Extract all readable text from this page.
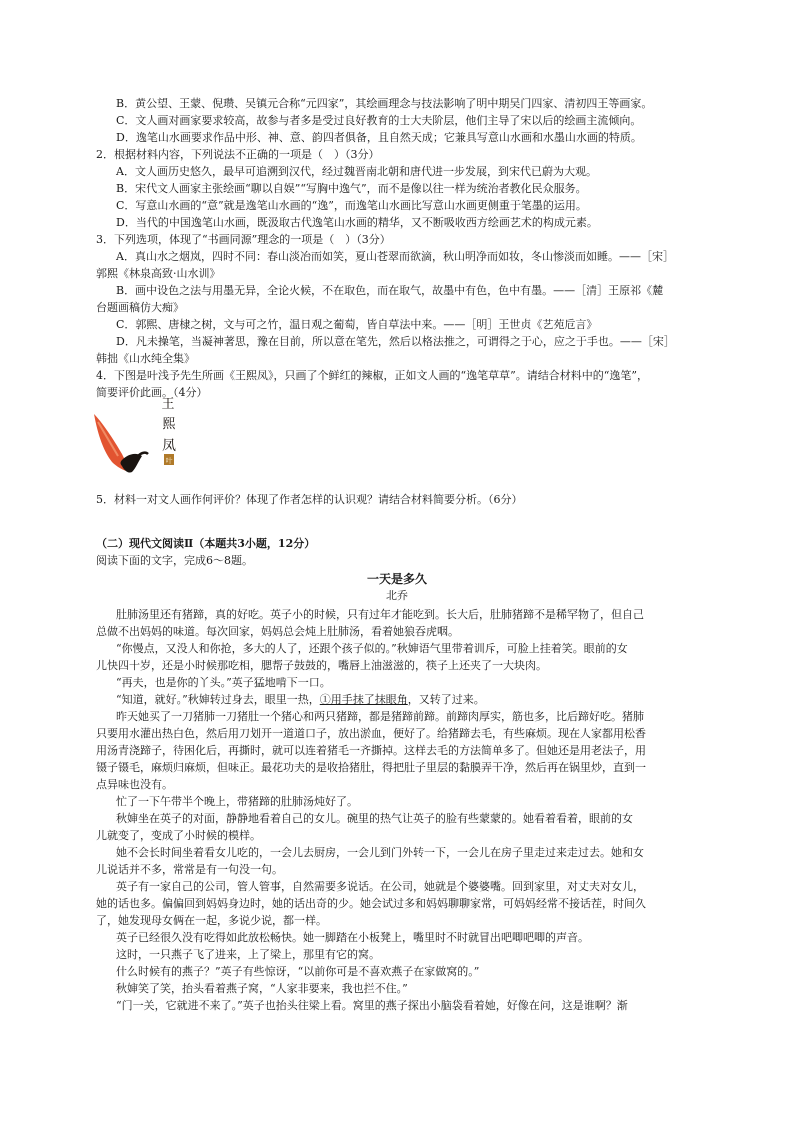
B．黄公望、王蒙、倪瓒、吴镇元合称“元四家”，其绘画理念与技法影响了明中期吴门四家、清初四王等画家。
C．文人画对画家要求较高，故参与者多是受过良好教育的士大夫阶层，他们主导了宋以后的绘画主流倾向。
D．逸笔山水画要求作品中形、神、意、韵四者俱备，且自然天成；它兼具写意山水画和水墨山水画的特质。
2．根据材料内容，下列说法不正确的一项是（　）（3分）
A．文人画历史悠久，最早可追溯到汉代，经过魏晋南北朝和唐代进一步发展，到宋代已蔚为大观。
B．宋代文人画家主张绘画“聊以自娱”“写胸中逸气”，而不是像以往一样为统治者教化民众服务。
C．写意山水画的“意”就是逸笔山水画的“逸”，而逸笔山水画比写意山水画更侧重于笔墨的运用。
D．当代的中国逸笔山水画，既汲取古代逸笔山水画的精华，又不断吸收西方绘画艺术的构成元素。
3．下列选项，体现了“书画同源”理念的一项是（　）（3分）
A．真山水之烟岚，四时不同：春山淡冶而如笑，夏山苍翠而欲滴，秋山明净而如妆，冬山惨淡而如睡。——［宋］
郭熙《林泉高致·山水训》
B．画中设色之法与用墨无异，全论火候，不在取色，而在取气，故墨中有色，色中有墨。——［清］王原祁《麓
台题画稿仿大痴》
C．郭熙、唐棣之树，文与可之竹，温日观之葡萄，皆自草法中来。——［明］王世贞《艺苑卮言》
D．凡未操笔，当凝神著思，豫在目前，所以意在笔先，然后以格法推之，可谓得之于心，应之于手也。——［宋］
韩拙《山水纯全集》
4．下图是叶浅予先生所画《王熙凤》，只画了个鲜红的辣椒，正如文人画的“逸笔草草”。请结合材料中的“逸笔”，
简要评价此画。（4分）
王
熙
凤
叶
5．材料一对文人画作何评价？体现了作者怎样的认识观？请结合材料简要分析。（6分）
（二）现代文阅读Ⅱ（本题共3小题，12分）
阅读下面的文字，完成6～8题。
一天是多久
北乔
肚肺汤里还有猪蹄，真的好吃。英子小的时候，只有过年才能吃到。长大后，肚肺猪蹄不是稀罕物了，但自己
总做不出妈妈的味道。每次回家，妈妈总会炖上肚肺汤，看着她狼吞虎咽。
“你慢点，又没人和你抢，多大的人了，还跟个孩子似的。”秋婶语气里带着训斥，可脸上挂着笑。眼前的女
儿快四十岁，还是小时候那吃相，腮帮子鼓鼓的，嘴唇上油滋滋的，筷子上还夹了一大块肉。
“再夫，也是你的丫头。”英子猛地啃下一口。
“知道，就好。”秋婶转过身去，眼里一热，①用手抹了抹眼角，又转了过来。
昨天她买了一刀猪肺一刀猪肚一个猪心和两只猪蹄，都是猪蹄前蹄。前蹄肉厚实，筋也多，比后蹄好吃。猪肺
只要用水灌出热白色，然后用刀划开一道道口子，放出淤血，便好了。给猪蹄去毛，有些麻烦。现在人家都用松香
用汤青浇蹄子，待困化后，再撕时，就可以连着猪毛一齐撕掉。这样去毛的方法简单多了。但她还是用老法子，用
镊子镊毛，麻烦归麻烦，但味正。最花功夫的是收拾猪肚，得把肚子里层的黏膜弄干净，然后再在锅里炒，直到一
点异味也没有。
忙了一下午带半个晚上，带猪蹄的肚肺汤炖好了。
秋婶坐在英子的对面，静静地看着自己的女儿。碗里的热气让英子的脸有些蒙蒙的。她看着看着，眼前的女
儿就变了，变成了小时候的模样。
她不会长时间坐着看女儿吃的，一会儿去厨房，一会儿到门外转一下，一会儿在房子里走过来走过去。她和女
儿说话并不多，常常是有一句没一句。
英子有一家自己的公司，管人管事，自然需要多说话。在公司，她就是个婆婆嘴。回到家里，对丈夫对女儿，
她的话也多。偏偏回到妈妈身边时，她的话出奇的少。她会试过多和妈妈聊聊家常，可妈妈经常不接话茬，时间久
了，她发现母女俩在一起，多说少说，都一样。
英子已经很久没有吃得如此放松畅快。她一脚踏在小板凳上，嘴里时不时就冒出吧唧吧唧的声音。
这时，一只燕子飞了进来，上了梁上，那里有它的窝。
什么时候有的燕子？”英子有些惊讶，“以前你可是不喜欢燕子在家做窝的。”
秋婶笑了笑，抬头看着燕子窝，“人家非要来，我也拦不住。”
“门一关，它就进不来了。”英子也抬头往梁上看。窝里的燕子探出小脑袋看着她，好像在问，这是谁啊？渐
